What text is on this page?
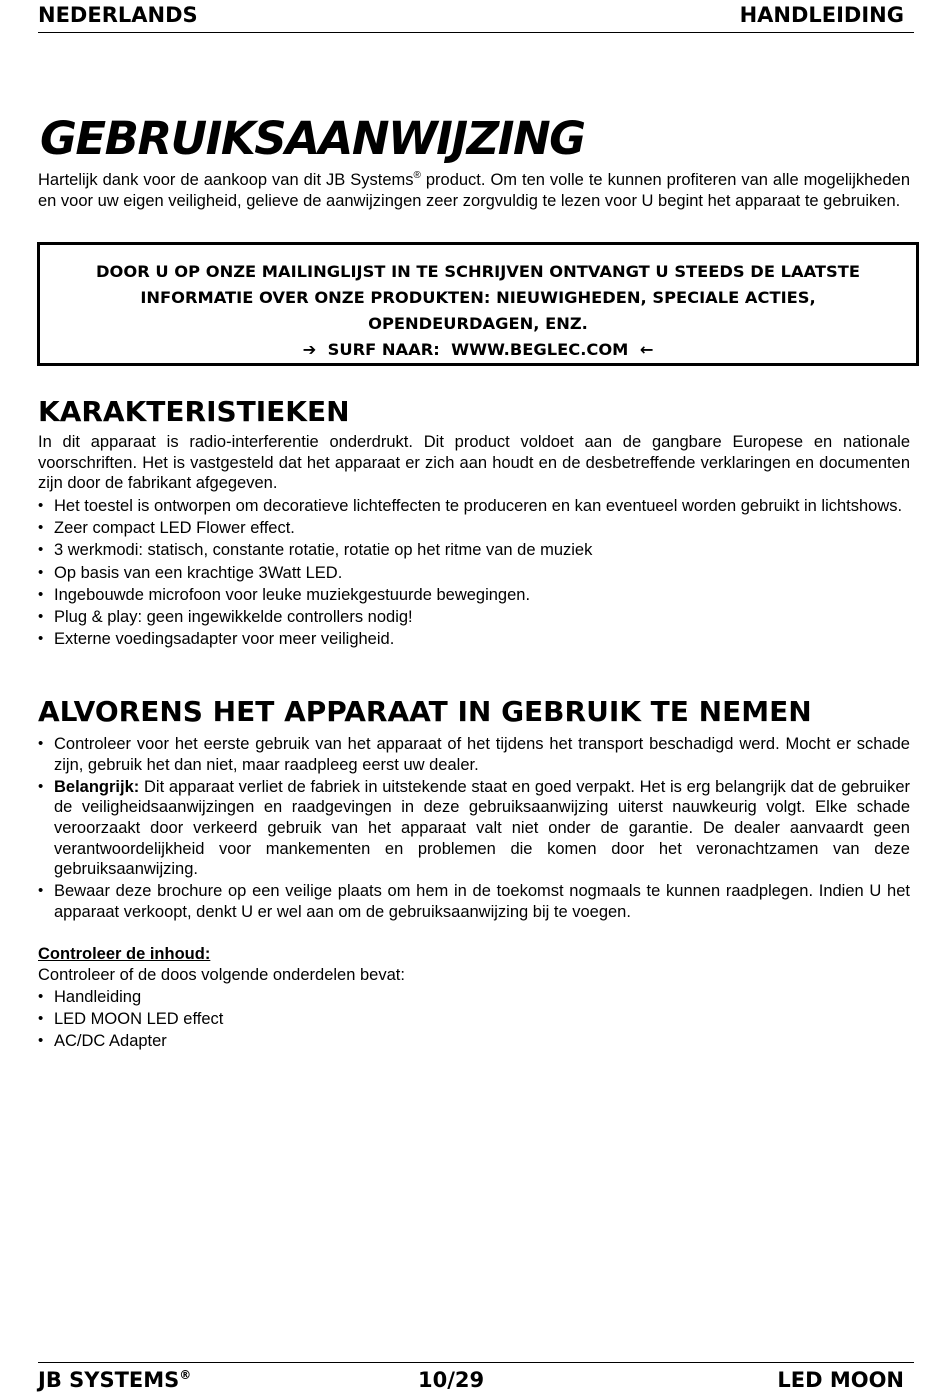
NEDERLANDS	HANDLEIDING
GEBRUIKSAANWIJZING

Hartelijk dank voor de aankoop van dit JB Systems® product. Om ten volle te kunnen profiteren van alle mogelijkheden en voor uw eigen veiligheid, gelieve de aanwijzingen zeer zorgvuldig te lezen voor U begint het apparaat te gebruiken.

DOOR U OP ONZE MAILINGLIJST IN TE SCHRIJVEN ONTVANGT U STEEDS DE LAATSTE INFORMATIE OVER ONZE PRODUKTEN: NIEUWIGHEDEN, SPECIALE ACTIES, OPENDEURDAGEN, ENZ.
➔ SURF NAAR: WWW.BEGLEC.COM ←
KARAKTERISTIEKEN

In dit apparaat is radio-interferentie onderdrukt. Dit product voldoet aan de gangbare Europese en nationale voorschriften. Het is vastgesteld dat het apparaat er zich aan houdt en de desbetreffende verklaringen en documenten zijn door de fabrikant afgegeven.

• Het toestel is ontworpen om decoratieve lichteffecten te produceren en kan eventueel worden gebruikt in lichtshows.
• Zeer compact LED Flower effect.
• 3 werkmodi: statisch, constante rotatie, rotatie op het ritme van de muziek
• Op basis van een krachtige 3Watt LED.
• Ingebouwde microfoon voor leuke muziekgestuurde bewegingen.
• Plug & play: geen ingewikkelde controllers nodig!
• Externe voedingsadapter voor meer veiligheid.
ALVORENS HET APPARAAT IN GEBRUIK TE NEMEN
• Controleer voor het eerste gebruik van het apparaat of het tijdens het transport beschadigd werd. Mocht er schade zijn, gebruik het dan niet, maar raadpleeg eerst uw dealer.
• Belangrijk: Dit apparaat verliet de fabriek in uitstekende staat en goed verpakt. Het is erg belangrijk dat de gebruiker de veiligheidsaanwijzingen en raadgevingen in deze gebruiksaanwijzing uiterst nauwkeurig volgt. Elke schade veroorzaakt door verkeerd gebruik van het apparaat valt niet onder de garantie. De dealer aanvaardt geen verantwoordelijkheid voor mankementen en problemen die komen door het veronachtzamen van deze gebruiksaanwijzing.
• Bewaar deze brochure op een veilige plaats om hem in de toekomst nogmaals te kunnen raadplegen. Indien U het apparaat verkoopt, denkt U er wel aan om de gebruiksaanwijzing bij te voegen.
Controleer de inhoud:

Controleer of de doos volgende onderdelen bevat:

• Handleiding
• LED MOON LED effect
• AC/DC Adapter
JB SYSTEMS®	10/29	LED MOON
